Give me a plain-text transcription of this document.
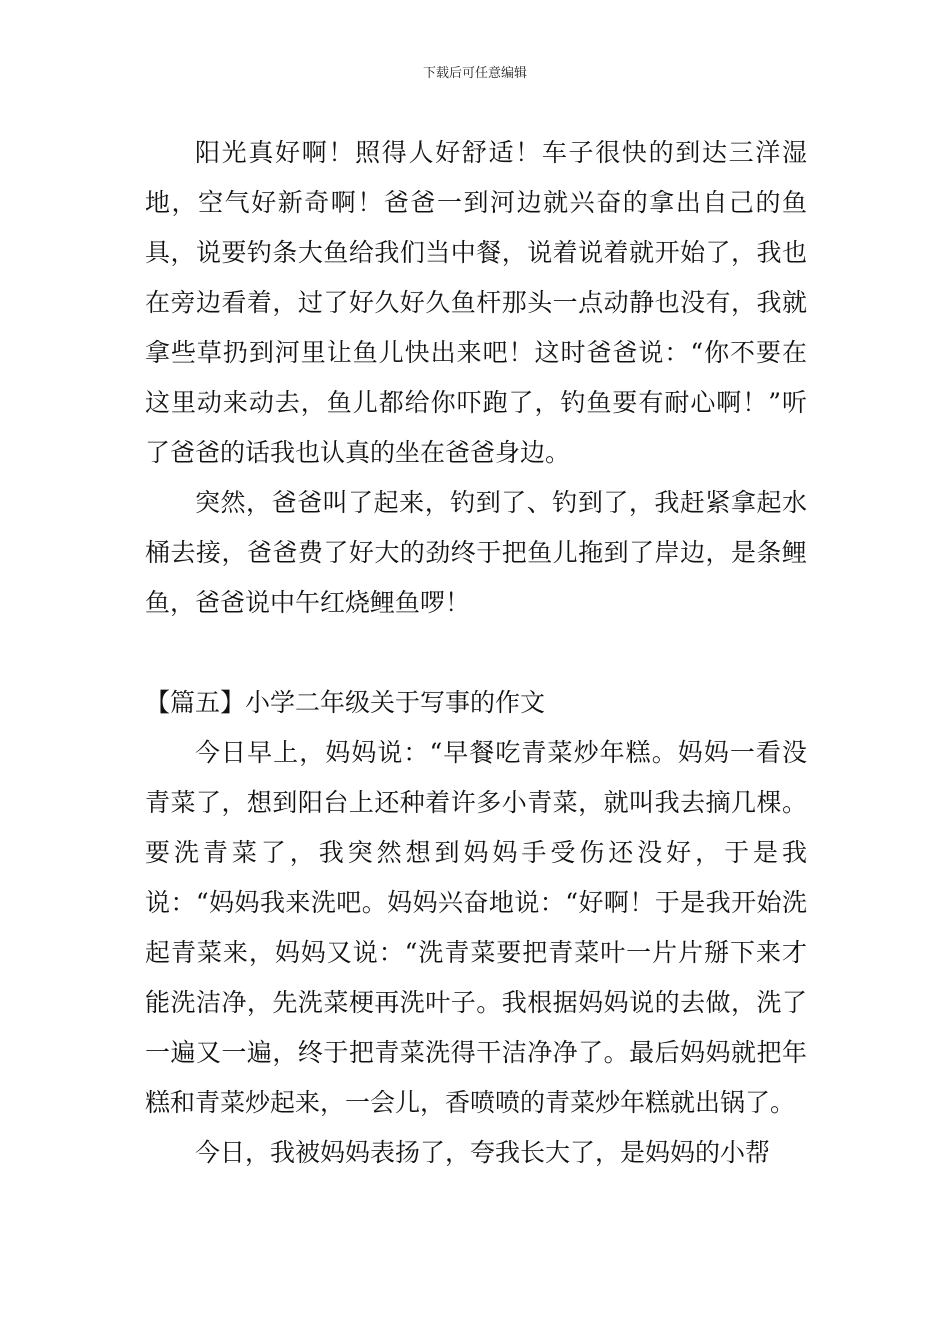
下载后可任意编辑

阳光真好啊！照得人好舒适！车子很快的到达三洋湿地，空气好新奇啊！爸爸一到河边就兴奋的拿出自己的鱼具，说要钓条大鱼给我们当中餐，说着说着就开始了，我也在旁边看着，过了好久好久鱼杆那头一点动静也没有，我就拿些草扔到河里让鱼儿快出来吧！这时爸爸说：“你不要在这里动来动去，鱼儿都给你吓跑了，钓鱼要有耐心啊！”听了爸爸的话我也认真的坐在爸爸身边。

突然，爸爸叫了起来，钓到了、钓到了，我赶紧拿起水桶去接，爸爸费了好大的劲终于把鱼儿拖到了岸边，是条鲤鱼，爸爸说中午红烧鲤鱼啰！

【篇五】小学二年级关于写事的作文

今日早上，妈妈说：“早餐吃青菜炒年糕。妈妈一看没青菜了，想到阳台上还种着许多小青菜，就叫我去摘几棵。要洗青菜了，我突然想到妈妈手受伤还没好，于是我说：“妈妈我来洗吧。妈妈兴奋地说：“好啊！于是我开始洗起青菜来，妈妈又说：“洗青菜要把青菜叶一片片掰下来才能洗洁净，先洗菜梗再洗叶子。我根据妈妈说的去做，洗了一遍又一遍，终于把青菜洗得干洁净净了。最后妈妈就把年糕和青菜炒起来，一会儿，香喷喷的青菜炒年糕就出锅了。

今日，我被妈妈表扬了，夸我长大了，是妈妈的小帮
